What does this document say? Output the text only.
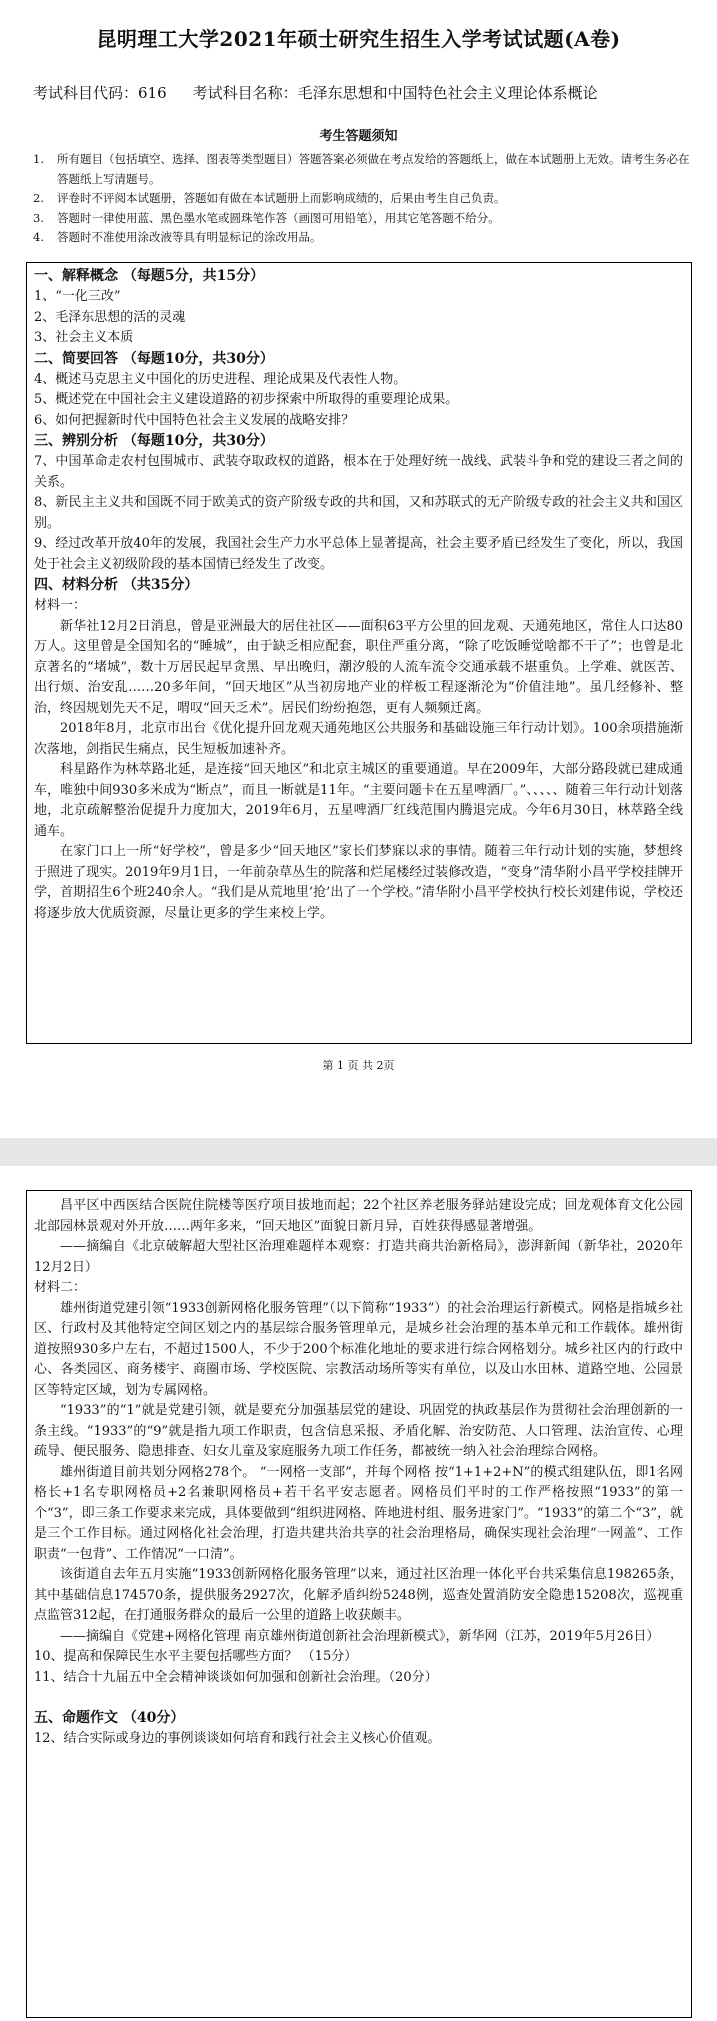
昆明理工大学2021年硕士研究生招生入学考试试题(A卷)
考试科目代码：616 考试科目名称：毛泽东思想和中国特色社会主义理论体系概论
考生答题须知
1.	所有题目（包括填空、选择、图表等类型题目）答题答案必须做在考点发给的答题纸上，做在本试题册上无效。请考生务必在答题纸上写清题号。
2.	评卷时不评阅本试题册，答题如有做在本试题册上而影响成绩的，后果由考生自己负责。
3.	答题时一律使用蓝、黑色墨水笔或圆珠笔作答（画图可用铅笔），用其它笔答题不给分。
4.	答题时不准使用涂改液等具有明显标记的涂改用品。

一、解释概念 （每题5分，共15分）

1、“一化三改”

2、毛泽东思想的活的灵魂

3、社会主义本质

二、简要回答 （每题10分，共30分）

4、概述马克思主义中国化的历史进程、理论成果及代表性人物。

5、概述党在中国社会主义建设道路的初步探索中所取得的重要理论成果。

6、如何把握新时代中国特色社会主义发展的战略安排？

三、辨别分析 （每题10分，共30分）

7、中国革命走农村包围城市、武装夺取政权的道路，根本在于处理好统一战线、武装斗争和党的建设三者之间的关系。

8、新民主主义共和国既不同于欧美式的资产阶级专政的共和国，又和苏联式的无产阶级专政的社会主义共和国区别。

9、经过改革开放40年的发展，我国社会生产力水平总体上显著提高，社会主要矛盾已经发生了变化，所以，我国处于社会主义初级阶段的基本国情已经发生了改变。

四、材料分析 （共35分）

材料一：

新华社12月2日消息，曾是亚洲最大的居住社区——面积63平方公里的回龙观、天通苑地区，常住人口达80万人。这里曾是全国知名的“睡城”，由于缺乏相应配套，职住严重分离，“除了吃饭睡觉啥都不干了”；也曾是北京著名的“堵城”，数十万居民起早贪黑、早出晚归，潮汐般的人流车流令交通承载不堪重负。上学难、就医苦、出行烦、治安乱……20多年间，“回天地区”从当初房地产业的样板工程逐渐沦为“价值洼地”。虽几经修补、整治，终因规划先天不足，喟叹“回天乏术”。居民们纷纷抱怨，更有人频频迁离。

2018年8月，北京市出台《优化提升回龙观天通苑地区公共服务和基础设施三年行动计划》。100余项措施渐次落地，剑指民生痛点，民生短板加速补齐。

科星路作为林萃路北延，是连接“回天地区”和北京主城区的重要通道。早在2009年，大部分路段就已建成通车，唯独中间930多米成为“断点”，而且一断就是11年。“主要问题卡在五星啤酒厂。”、、、、、随着三年行动计划落地，北京疏解整治促提升力度加大，2019年6月，五星啤酒厂红线范围内腾退完成。今年6月30日，林萃路全线通车。

在家门口上一所“好学校”，曾是多少“回天地区”家长们梦寐以求的事情。随着三年行动计划的实施，梦想终于照进了现实。2019年9月1日，一年前杂草丛生的院落和烂尾楼经过装修改造，“变身”清华附小昌平学校挂牌开学，首期招生6个班240余人。“我们是从荒地里‘抢’出了一个学校。”清华附小昌平学校执行校长刘建伟说，学校还将逐步放大优质资源，尽量让更多的学生来校上学。

第 1 页 共 2页

昌平区中西医结合医院住院楼等医疗项目拔地而起；22个社区养老服务驿站建设完成；回龙观体育文化公园北部园林景观对外开放……两年多来，“回天地区”面貌日新月异，百姓获得感显著增强。

——摘编自《北京破解超大型社区治理难题样本观察：打造共商共治新格局》，澎湃新闻（新华社，2020年12月2日）

材料二：

雄州街道党建引领“1933创新网格化服务管理”（以下简称“1933”）的社会治理运行新模式。网格是指城乡社区、行政村及其他特定空间区划之内的基层综合服务管理单元，是城乡社会治理的基本单元和工作载体。雄州街道按照930多户左右，不超过1500人，不少于200个标准化地址的要求进行综合网格划分。城乡社区内的行政中心、各类园区、商务楼宇、商圈市场、学校医院、宗教活动场所等实有单位，以及山水田林、道路空地、公园景区等特定区域，划为专属网格。

“1933”的“1”就是党建引领，就是要充分加强基层党的建设、巩固党的执政基层作为贯彻社会治理创新的一条主线。“1933”的“9”就是指九项工作职责，包含信息采报、矛盾化解、治安防范、人口管理、法治宣传、心理疏导、便民服务、隐患排查、妇女儿童及家庭服务九项工作任务，都被统一纳入社会治理综合网格。

雄州街道目前共划分网格278个。 “一网格一支部”，并每个网格 按“1+1+2+N”的模式组建队伍，即1名网格长+1名专职网格员+2名兼职网格员+若干名平安志愿者。网格员们平时的工作严格按照“1933”的第一个“3”，即三条工作要求来完成，具体要做到“组织进网格、阵地进村组、服务进家门”。“1933”的第二个“3”，就是三个工作目标。通过网格化社会治理，打造共建共治共享的社会治理格局，确保实现社会治理“一网盖”、工作职责“一包背”、工作情况“一口清”。

该街道自去年五月实施“1933创新网格化服务管理”以来，通过社区治理一体化平台共采集信息198265条，其中基础信息174570条，提供服务2927次，化解矛盾纠纷5248例，巡查处置消防安全隐患15208次，巡视重点监管312起，在打通服务群众的最后一公里的道路上收获颇丰。

——摘编自《党建+网格化管理 南京雄州街道创新社会治理新模式》，新华网（江苏，2019年5月26日）

10、提高和保障民生水平主要包括哪些方面？ （15分）

11、结合十九届五中全会精神谈谈如何加强和创新社会治理。（20分）

五、命题作文 （40分）

12、结合实际或身边的事例谈谈如何培育和践行社会主义核心价值观。
